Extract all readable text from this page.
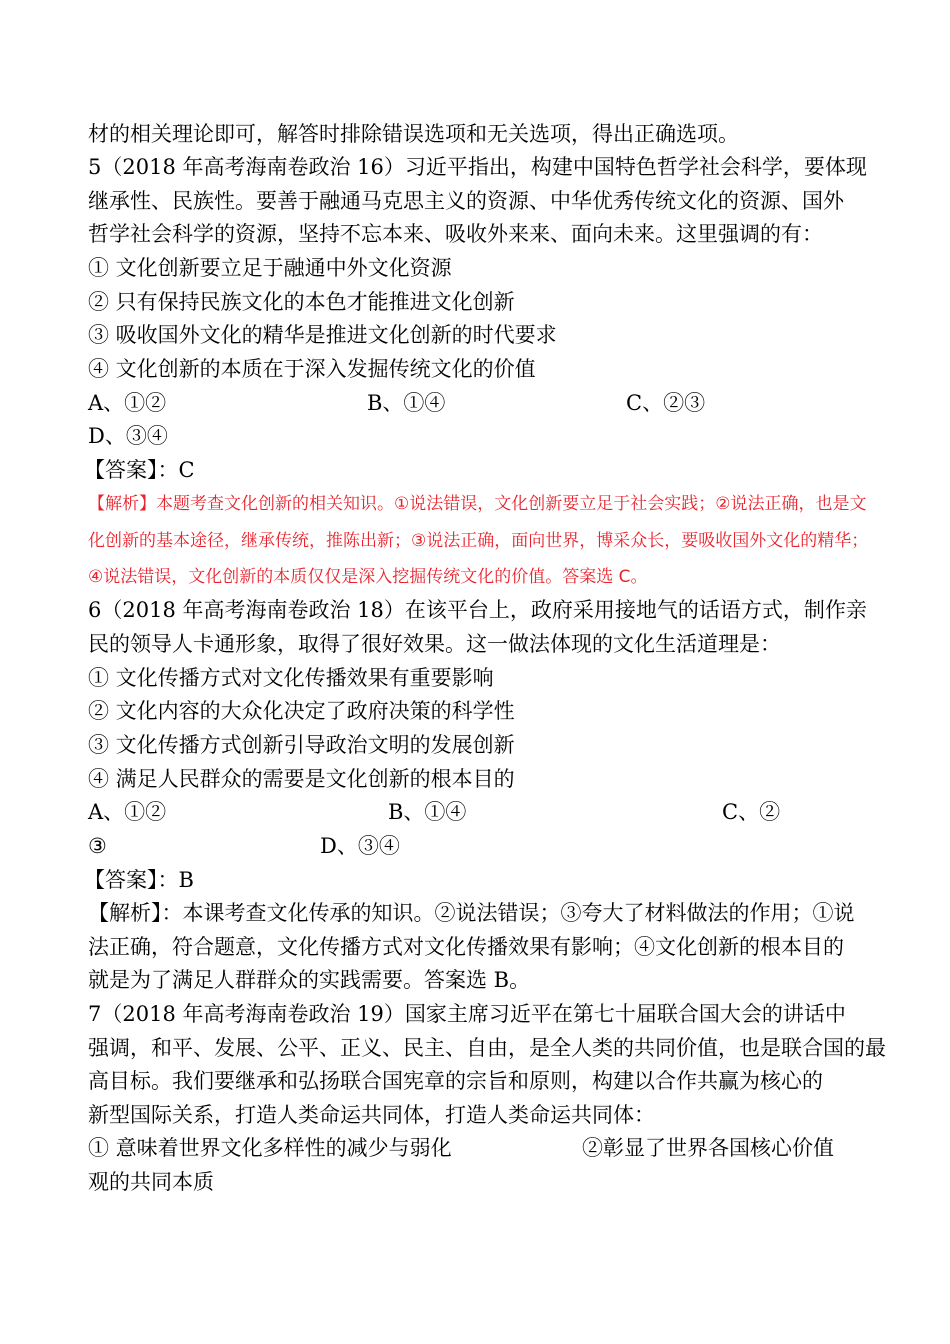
材的相关理论即可，解答时排除错误选项和无关选项，得出正确选项。
5（2018 年高考海南卷政治 16）习近平指出，构建中国特色哲学社会科学，要体现
继承性、民族性。要善于融通马克思主义的资源、中华优秀传统文化的资源、国外
哲学社会科学的资源，坚持不忘本来、吸收外来来、面向未来。这里强调的有：
① 文化创新要立足于融通中外文化资源
② 只有保持民族文化的本色才能推进文化创新
③ 吸收国外文化的精华是推进文化创新的时代要求
④ 文化创新的本质在于深入发掘传统文化的价值
A、①②	B、①④	C、②③
D、③④
【答案】：C
【解析】本题考查文化创新的相关知识。①说法错误，文化创新要立足于社会实践；②说法正确，也是文
化创新的基本途径，继承传统，推陈出新；③说法正确，面向世界，博采众长，要吸收国外文化的精华；
④说法错误，文化创新的本质仅仅是深入挖掘传统文化的价值。答案选 C。
6（2018 年高考海南卷政治 18）在该平台上，政府采用接地气的话语方式，制作亲
民的领导人卡通形象，取得了很好效果。这一做法体现的文化生活道理是：
① 文化传播方式对文化传播效果有重要影响
② 文化内容的大众化决定了政府决策的科学性
③ 文化传播方式创新引导政治文明的发展创新
④ 满足人民群众的需要是文化创新的根本目的
A、①②	B、①④	C、②
③	D、③④
【答案】：B
【解析】：本课考查文化传承的知识。②说法错误；③夸大了材料做法的作用；①说
法正确，符合题意，文化传播方式对文化传播效果有影响；④文化创新的根本目的
就是为了满足人群群众的实践需要。答案选 B。
7（2018 年高考海南卷政治 19）国家主席习近平在第七十届联合国大会的讲话中
强调，和平、发展、公平、正义、民主、自由，是全人类的共同价值，也是联合国的最
高目标。我们要继承和弘扬联合国宪章的宗旨和原则，构建以合作共赢为核心的
新型国际关系，打造人类命运共同体，打造人类命运共同体：
① 意味着世界文化多样性的减少与弱化	②彰显了世界各国核心价值
观的共同本质
